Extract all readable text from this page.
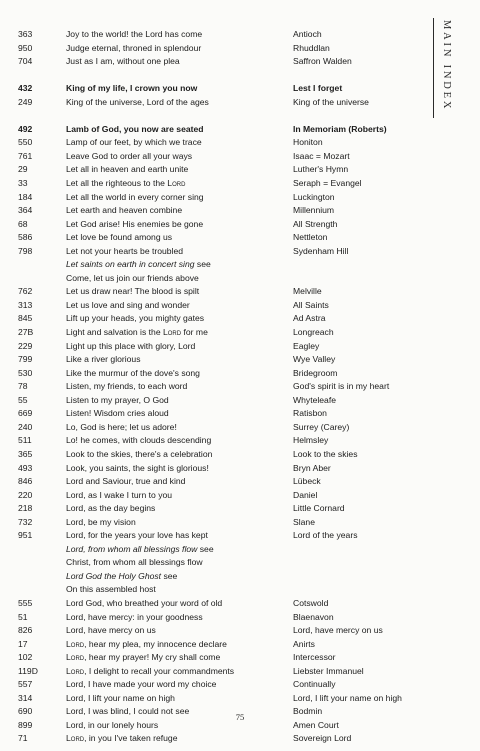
MAIN INDEX
363	Joy to the world! the Lord has come	Antioch
950	Judge eternal, throned in splendour	Rhuddlan
704	Just as I am, without one plea	Saffron Walden
432	King of my life, I crown you now	Lest I forget
249	King of the universe, Lord of the ages	King of the universe
492	Lamb of God, you now are seated	In Memoriam (Roberts)
550	Lamp of our feet, by which we trace	Honiton
761	Leave God to order all your ways	Isaac = Mozart
29	Let all in heaven and earth unite	Luther's Hymn
33	Let all the righteous to the Lord	Seraph = Evangel
184	Let all the world in every corner sing	Luckington
364	Let earth and heaven combine	Millennium
68	Let God arise! His enemies be gone	All Strength
586	Let love be found among us	Nettleton
798	Let not your hearts be troubled	Sydenham Hill
Let saints on earth in concert sing see
Come, let us join our friends above
762	Let us draw near! The blood is spilt	Melville
313	Let us love and sing and wonder	All Saints
845	Lift up your heads, you mighty gates	Ad Astra
27B	Light and salvation is the Lord for me	Longreach
229	Light up this place with glory, Lord	Eagley
799	Like a river glorious	Wye Valley
530	Like the murmur of the dove's song	Bridegroom
78	Listen, my friends, to each word	God's spirit is in my heart
55	Listen to my prayer, O God	Whyteleafe
669	Listen! Wisdom cries aloud	Ratisbon
240	Lo, God is here; let us adore!	Surrey (Carey)
511	Lo! he comes, with clouds descending	Helmsley
365	Look to the skies, there's a celebration	Look to the skies
493	Look, you saints, the sight is glorious!	Bryn Aber
846	Lord and Saviour, true and kind	Lübeck
220	Lord, as I wake I turn to you	Daniel
218	Lord, as the day begins	Little Cornard
732	Lord, be my vision	Slane
951	Lord, for the years your love has kept	Lord of the years
Lord, from whom all blessings flow see
Christ, from whom all blessings flow
Lord God the Holy Ghost see
On this assembled host
555	Lord God, who breathed your word of old	Cotswold
51	Lord, have mercy: in your goodness	Blaenavon
826	Lord, have mercy on us	Lord, have mercy on us
17	Lord, hear my plea, my innocence declare	Anirts
102	Lord, hear my prayer! My cry shall come	Intercessor
119D	Lord, I delight to recall your commandments	Liebster Immanuel
557	Lord, I have made your word my choice	Continually
314	Lord, I lift your name on high	Lord, I lift your name on high
690	Lord, I was blind, I could not see	Bodmin
899	Lord, in our lonely hours	Amen Court
71	Lord, in you I've taken refuge	Sovereign Lord
75
